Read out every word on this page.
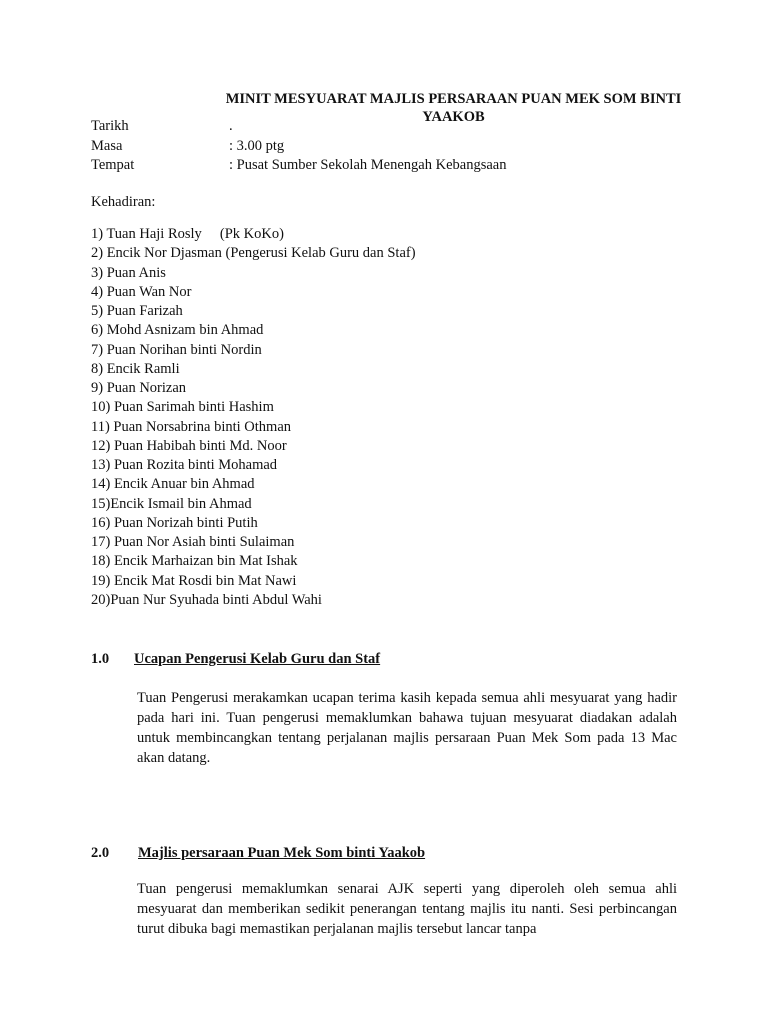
MINIT MESYUARAT MAJLIS PERSARAAN PUAN MEK SOM BINTI YAAKOB
Tarikh	.
Masa	: 3.00 ptg
Tempat	: Pusat Sumber Sekolah Menengah Kebangsaan
Kehadiran:
1) Tuan Haji Rosly     (Pk KoKo)
2) Encik Nor Djasman (Pengerusi Kelab Guru dan Staf)
3) Puan Anis
4) Puan Wan Nor
5) Puan Farizah
6) Mohd Asnizam bin Ahmad
7) Puan Norihan binti Nordin
8) Encik Ramli
9) Puan Norizan
10) Puan Sarimah binti Hashim
11) Puan Norsabrina binti Othman
12) Puan Habibah binti Md. Noor
13) Puan Rozita binti Mohamad
14) Encik Anuar bin Ahmad
15)Encik Ismail bin Ahmad
16) Puan Norizah binti Putih
17) Puan Nor Asiah binti Sulaiman
18) Encik Marhaizan bin Mat Ishak
19) Encik Mat Rosdi bin Mat Nawi
20)Puan Nur Syuhada binti Abdul Wahi
1.0 Ucapan Pengerusi Kelab Guru dan Staf
Tuan Pengerusi merakamkan ucapan terima kasih kepada semua ahli mesyuarat yang hadir pada hari ini. Tuan pengerusi memaklumkan bahawa tujuan mesyuarat diadakan adalah untuk membincangkan tentang perjalanan majlis persaraan Puan Mek Som pada 13 Mac akan datang.
2.0 Majlis persaraan Puan Mek Som binti Yaakob
Tuan pengerusi memaklumkan senarai AJK seperti yang diperoleh oleh semua ahli mesyuarat dan memberikan sedikit penerangan tentang majlis itu nanti. Sesi perbincangan turut dibuka bagi memastikan perjalanan majlis tersebut lancar tanpa
